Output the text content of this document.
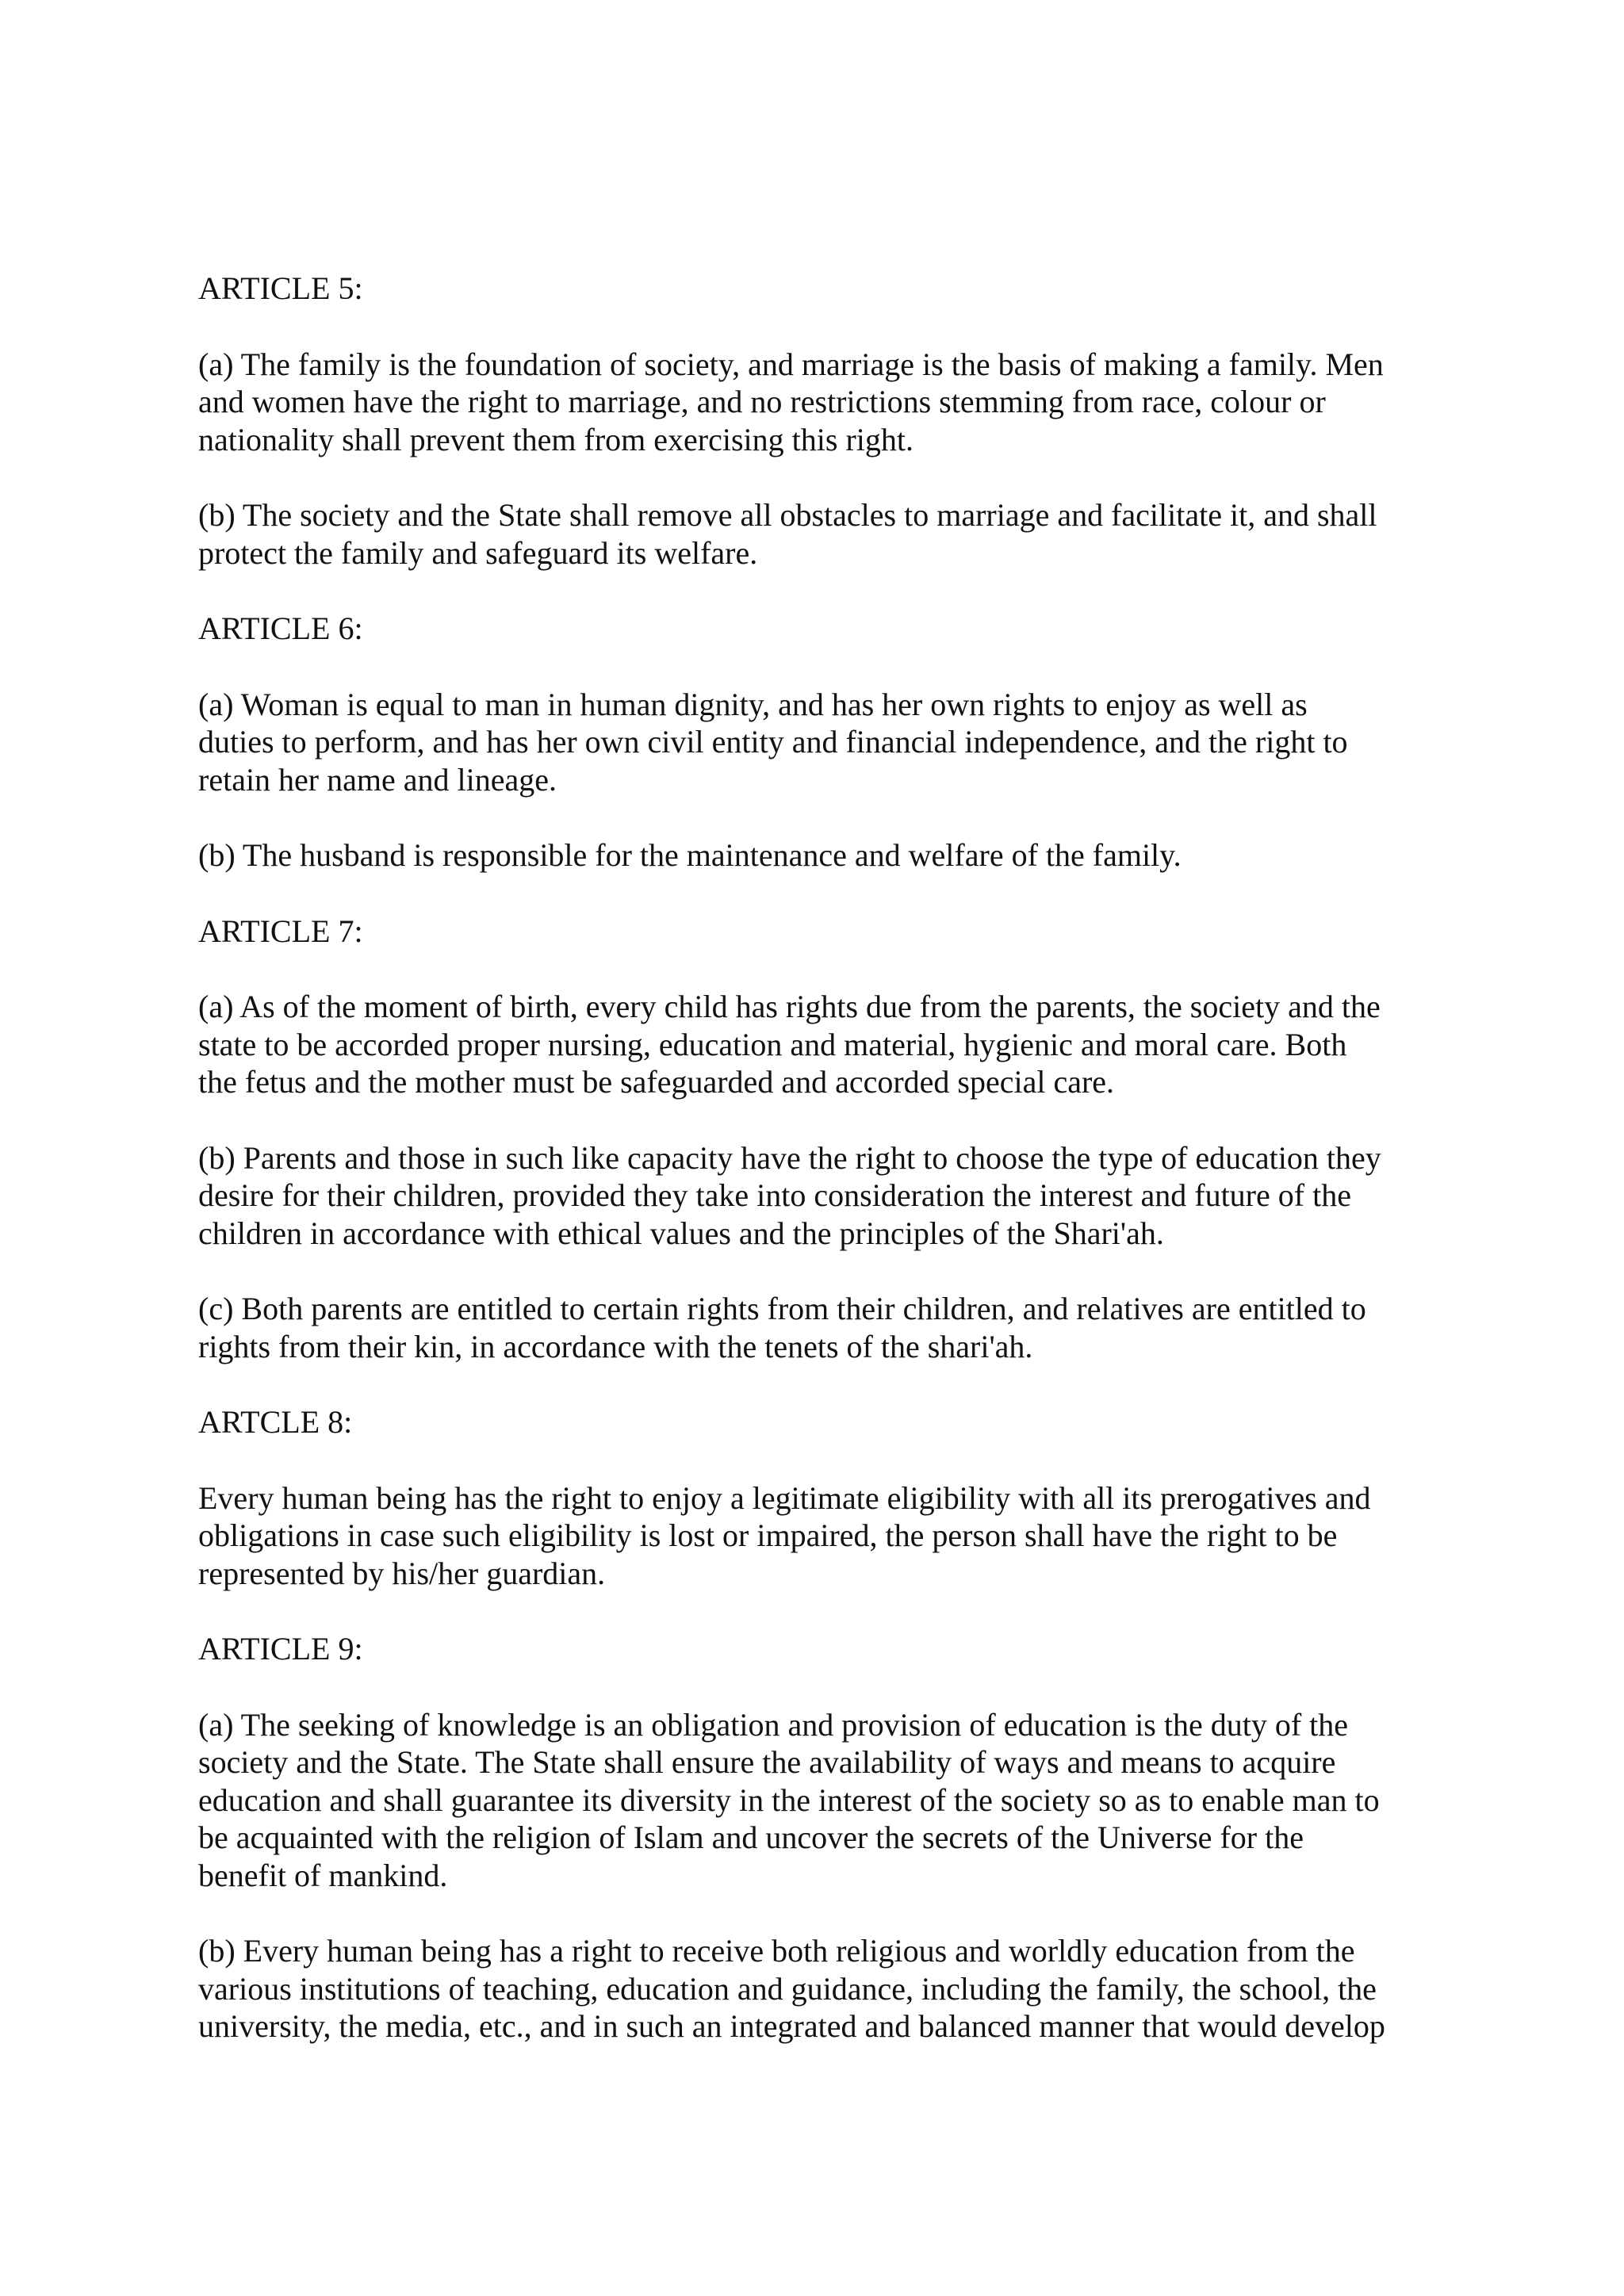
ARTICLE 5:
(a) The family is the foundation of society, and marriage is the basis of making a family. Men
and women have the right to marriage, and no restrictions stemming from race, colour or
nationality shall prevent them from exercising this right.
(b) The society and the State shall remove all obstacles to marriage and facilitate it, and shall
protect the family and safeguard its welfare.
ARTICLE 6:
(a) Woman is equal to man in human dignity, and has her own rights to enjoy as well as
duties to perform, and has her own civil entity and financial independence, and the right to
retain her name and lineage.
(b) The husband is responsible for the maintenance and welfare of the family.
ARTICLE 7:
(a) As of the moment of birth, every child has rights due from the parents, the society and the
state to be accorded proper nursing, education and material, hygienic and moral care. Both
the fetus and the mother must be safeguarded and accorded special care.
(b) Parents and those in such like capacity have the right to choose the type of education they
desire for their children, provided they take into consideration the interest and future of the
children in accordance with ethical values and the principles of the Shari'ah.
(c) Both parents are entitled to certain rights from their children, and relatives are entitled to
rights from their kin, in accordance with the tenets of the shari'ah.
ARTCLE 8:
Every human being has the right to enjoy a legitimate eligibility with all its prerogatives and
obligations in case such eligibility is lost or impaired, the person shall have the right to be
represented by his/her guardian.
ARTICLE 9:
(a) The seeking of knowledge is an obligation and provision of education is the duty of the
society and the State. The State shall ensure the availability of ways and means to acquire
education and shall guarantee its diversity in the interest of the society so as to enable man to
be acquainted with the religion of Islam and uncover the secrets of the Universe for the
benefit of mankind.
(b) Every human being has a right to receive both religious and worldly education from the
various institutions of teaching, education and guidance, including the family, the school, the
university, the media, etc., and in such an integrated and balanced manner that would develop
